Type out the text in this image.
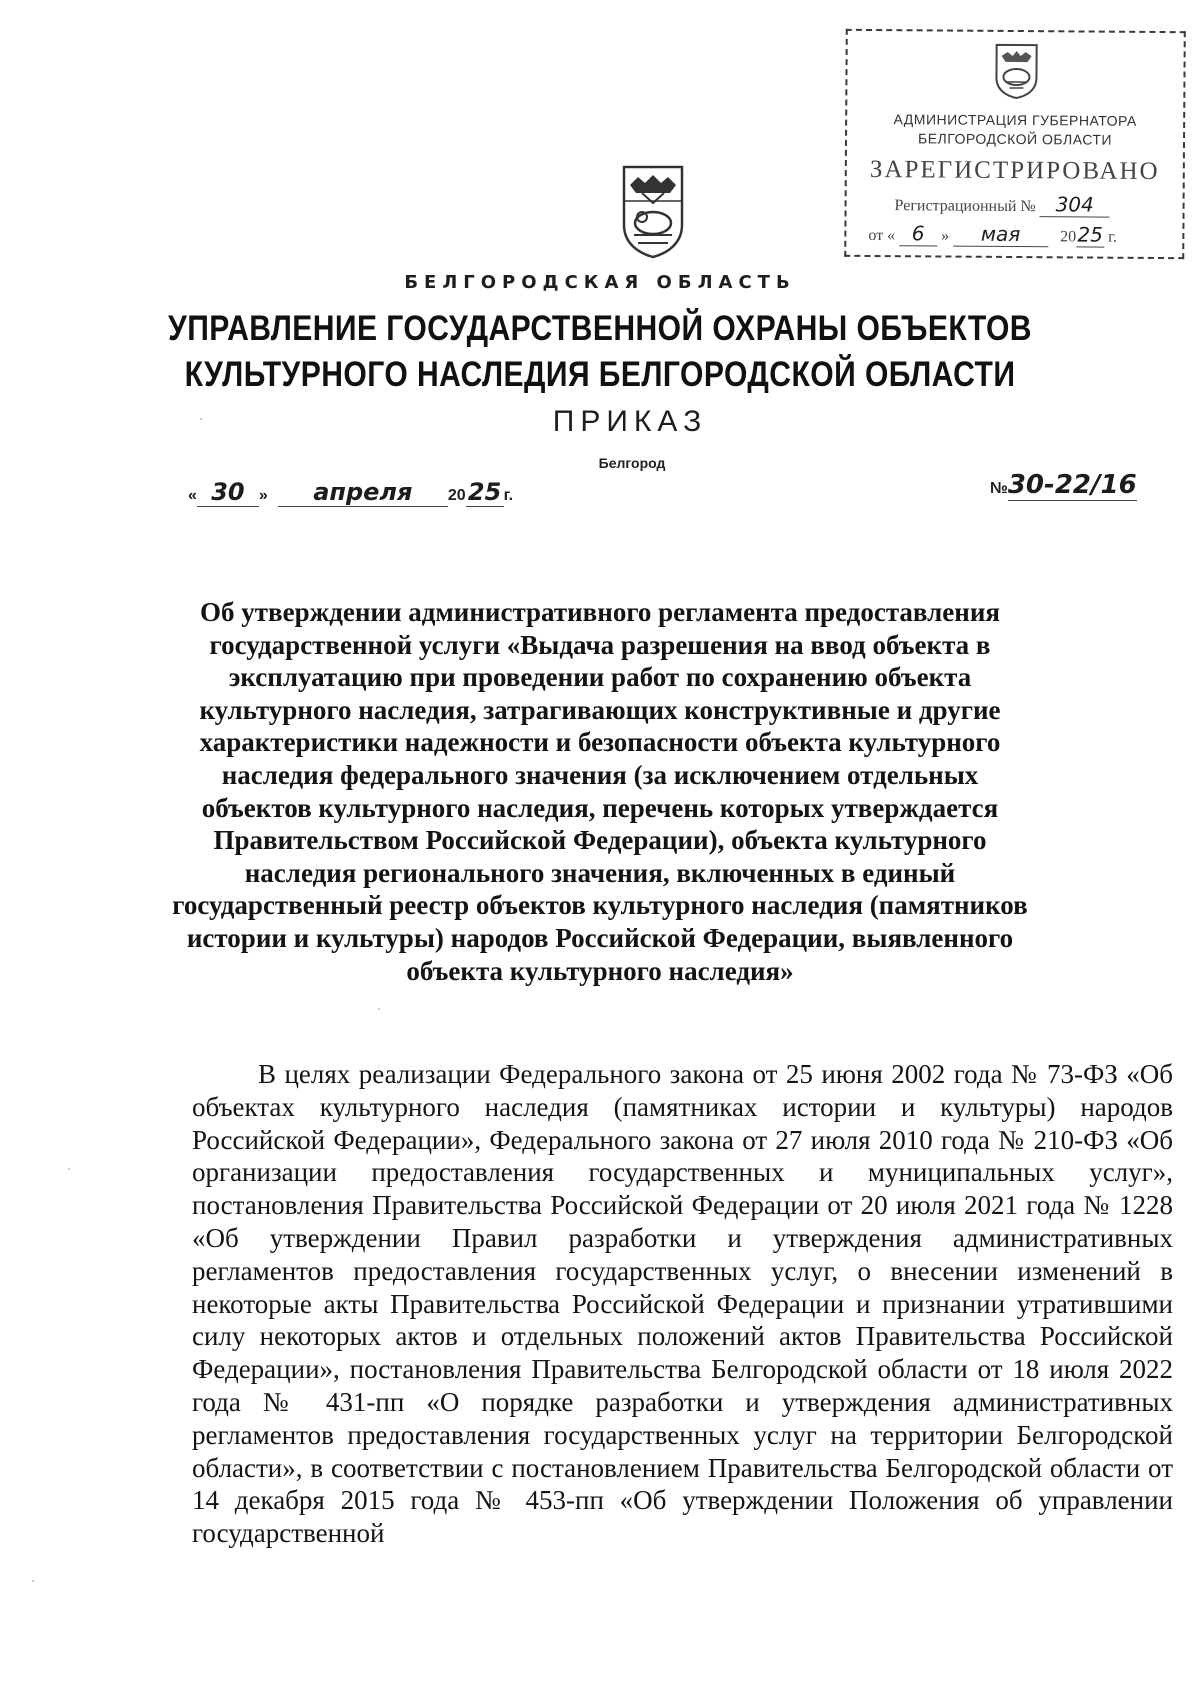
АДМИНИСТРАЦИЯ ГУБЕРНАТОРА
БЕЛГОРОДСКОЙ ОБЛАСТИ
ЗАРЕГИСТРИРОВАНО
Регистрационный № 304
от « 6 » мая 2025 г.
БЕЛГОРОДСКАЯ ОБЛАСТЬ
УПРАВЛЕНИЕ ГОСУДАРСТВЕННОЙ ОХРАНЫ ОБЪЕКТОВ
КУЛЬТУРНОГО НАСЛЕДИЯ БЕЛГОРОДСКОЙ ОБЛАСТИ
ПРИКАЗ
Белгород
« 30 » апреля 2025 г.	№30-22/16
Об утверждении административного регламента предоставления государственной услуги «Выдача разрешения на ввод объекта в эксплуатацию при проведении работ по сохранению объекта культурного наследия, затрагивающих конструктивные и другие характеристики надежности и безопасности объекта культурного наследия федерального значения (за исключением отдельных объектов культурного наследия, перечень которых утверждается Правительством Российской Федерации), объекта культурного наследия регионального значения, включенных в единый государственный реестр объектов культурного наследия (памятников истории и культуры) народов Российской Федерации, выявленного объекта культурного наследия»
В целях реализации Федерального закона от 25 июня 2002 года № 73-ФЗ «Об объектах культурного наследия (памятниках истории и культуры) народов Российской Федерации», Федерального закона от 27 июля 2010 года № 210-ФЗ «Об организации предоставления государственных и муниципальных услуг», постановления Правительства Российской Федерации от 20 июля 2021 года № 1228 «Об утверждении Правил разработки и утверждения административных регламентов предоставления государственных услуг, о внесении изменений в некоторые акты Правительства Российской Федерации и признании утратившими силу некоторых актов и отдельных положений актов Правительства Российской Федерации», постановления Правительства Белгородской области от 18 июля 2022 года № 431-пп «О порядке разработки и утверждения административных регламентов предоставления государственных услуг на территории Белгородской области», в соответствии с постановлением Правительства Белгородской области от 14 декабря 2015 года № 453-пп «Об утверждении Положения об управлении государственной
